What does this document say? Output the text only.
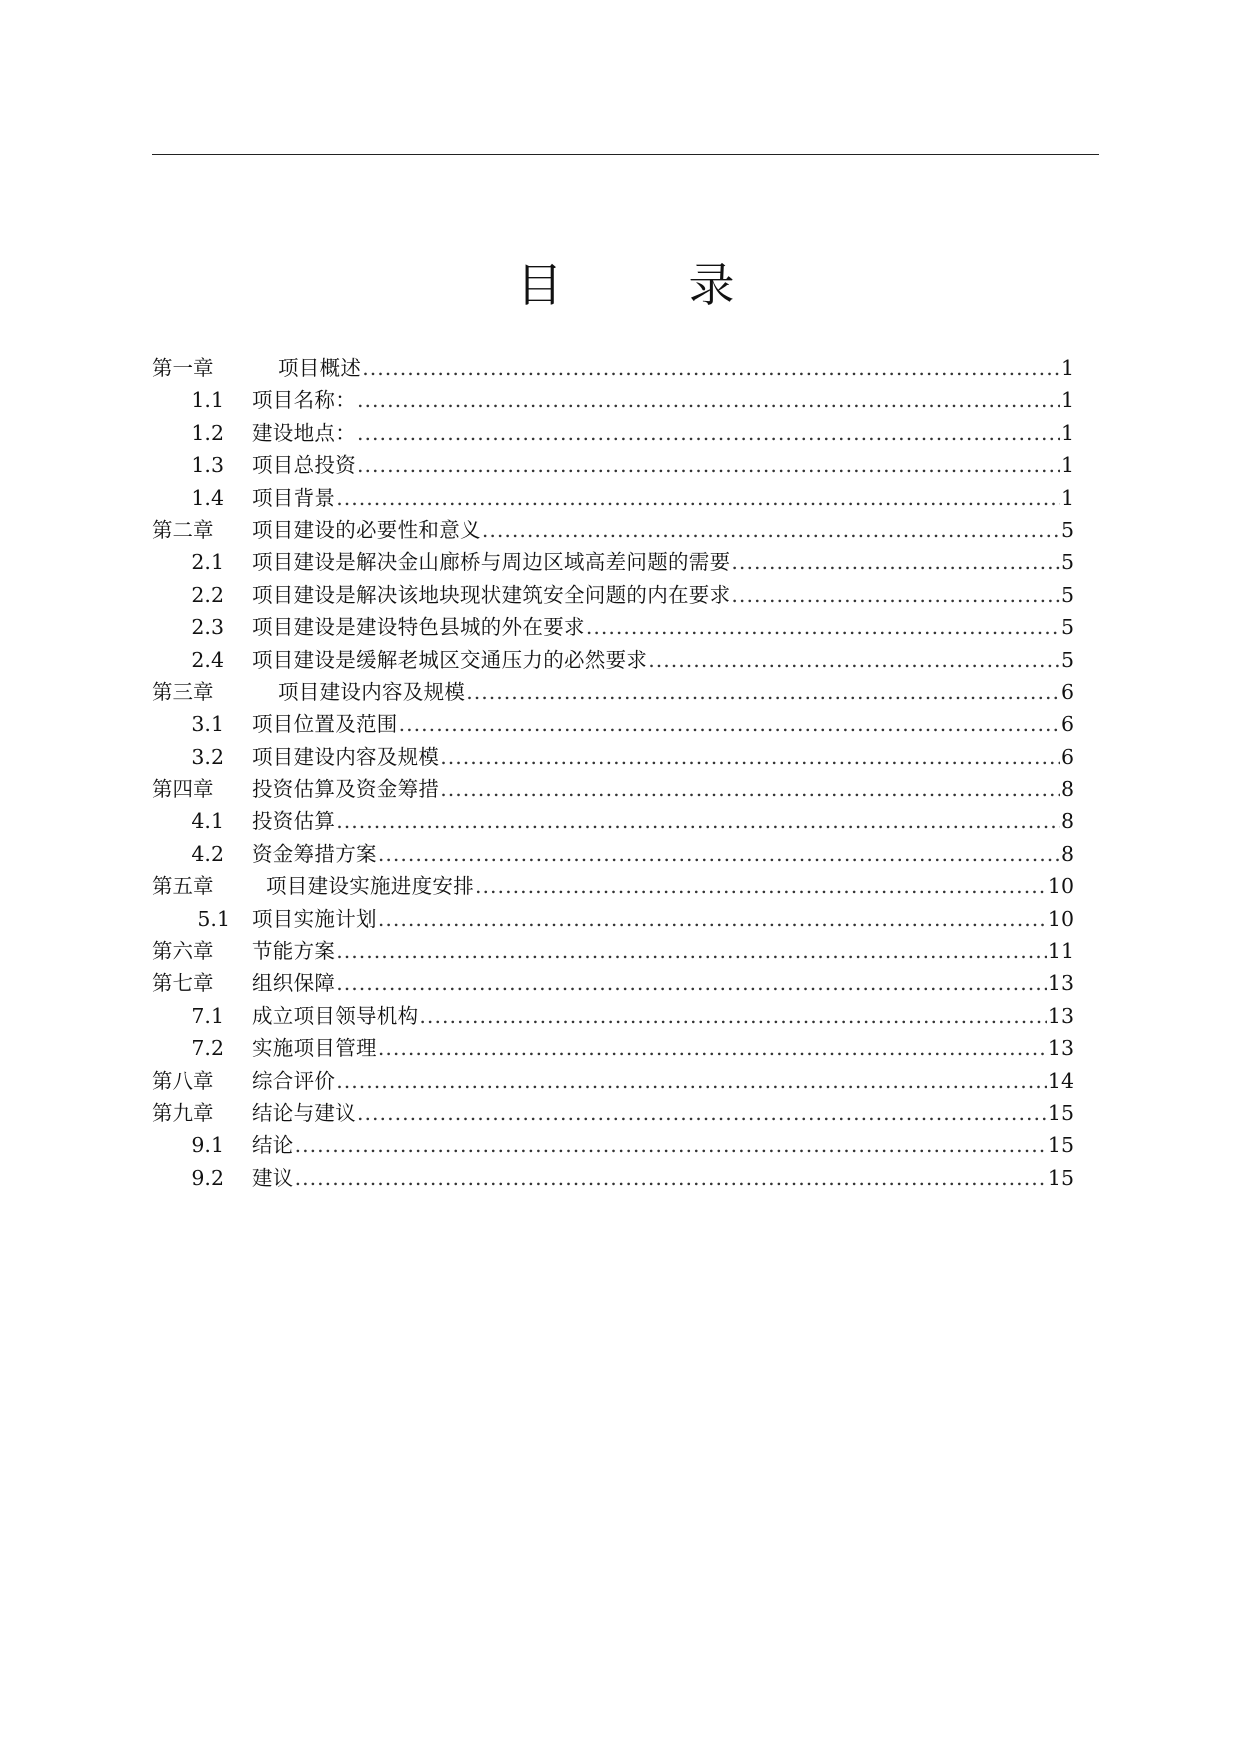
目	录
第一章	项目概述 .....	1
1.1	项目名称： .....	1
1.2	建设地点： .....	1
1.3	项目总投资 .....	1
1.4	项目背景 .....	1
第二章	项目建设的必要性和意义 .....	5
2.1	项目建设是解决金山廊桥与周边区域高差问题的需要 .....	5
2.2	项目建设是解决该地块现状建筑安全问题的内在要求 .....	5
2.3	项目建设是建设特色县城的外在要求 .....	5
2.4	项目建设是缓解老城区交通压力的必然要求 .....	5
第三章	项目建设内容及规模 .....	6
3.1	项目位置及范围 .....	6
3.2	项目建设内容及规模 .....	6
第四章	投资估算及资金筹措 .....	8
4.1	投资估算 .....	8
4.2	资金筹措方案 .....	8
第五章	项目建设实施进度安排 .....	10
5.1	项目实施计划 .....	10
第六章	节能方案 .....	11
第七章	组织保障 .....	13
7.1	成立项目领导机构 .....	13
7.2	实施项目管理 .....	13
第八章	综合评价 .....	14
第九章	结论与建议 .....	15
9.1	结论 .....	15
9.2	建议 .....	15
